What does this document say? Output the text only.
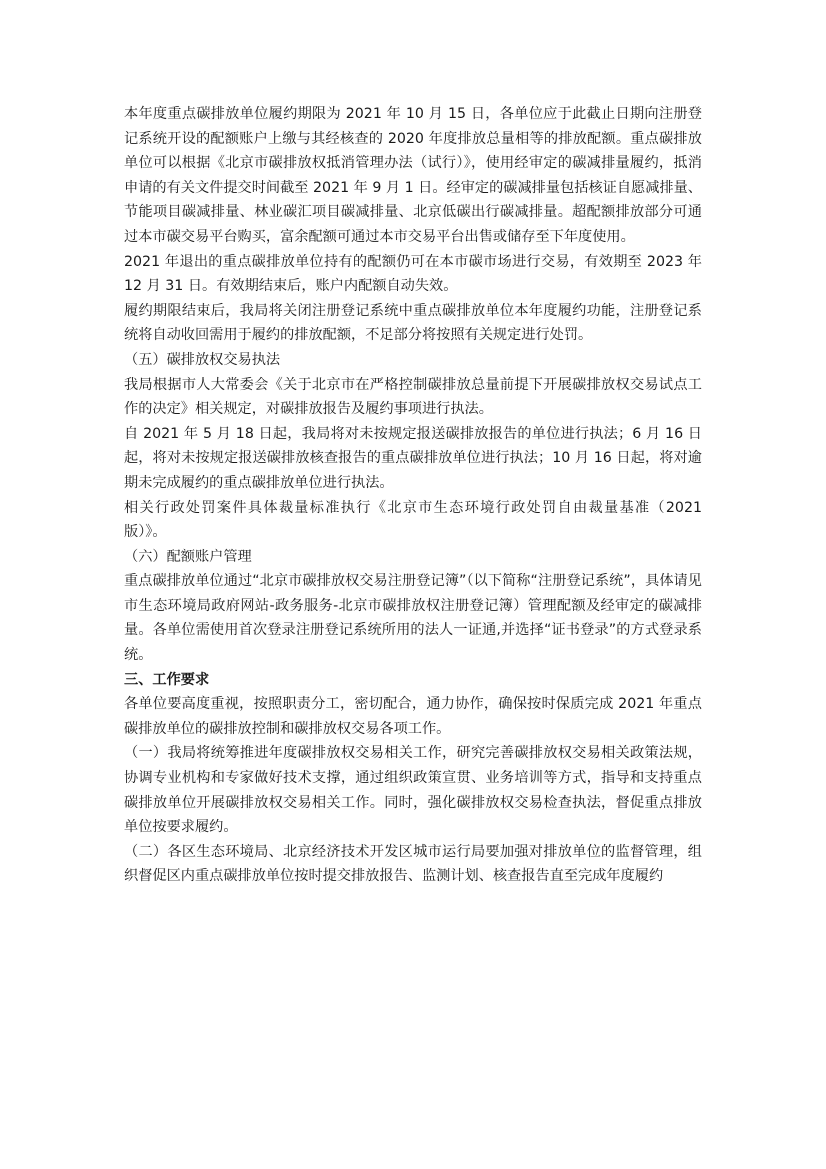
本年度重点碳排放单位履约期限为 2021 年 10 月 15 日，各单位应于此截止日期向注册登记系统开设的配额账户上缴与其经核查的 2020 年度排放总量相等的排放配额。重点碳排放单位可以根据《北京市碳排放权抵消管理办法（试行）》，使用经审定的碳减排量履约，抵消申请的有关文件提交时间截至 2021 年 9 月 1 日。经审定的碳减排量包括核证自愿减排量、节能项目碳减排量、林业碳汇项目碳减排量、北京低碳出行碳减排量。超配额排放部分可通过本市碳交易平台购买，富余配额可通过本市交易平台出售或储存至下年度使用。

2021 年退出的重点碳排放单位持有的配额仍可在本市碳市场进行交易，有效期至 2023 年 12 月 31 日。有效期结束后，账户内配额自动失效。

履约期限结束后，我局将关闭注册登记系统中重点碳排放单位本年度履约功能，注册登记系统将自动收回需用于履约的排放配额，不足部分将按照有关规定进行处罚。

（五）碳排放权交易执法

我局根据市人大常委会《关于北京市在严格控制碳排放总量前提下开展碳排放权交易试点工作的决定》相关规定，对碳排放报告及履约事项进行执法。

自 2021 年 5 月 18 日起，我局将对未按规定报送碳排放报告的单位进行执法；6 月 16 日起，将对未按规定报送碳排放核查报告的重点碳排放单位进行执法；10 月 16 日起，将对逾期未完成履约的重点碳排放单位进行执法。

相关行政处罚案件具体裁量标准执行《北京市生态环境行政处罚自由裁量基准（2021 版）》。

（六）配额账户管理

重点碳排放单位通过“北京市碳排放权交易注册登记簿”（以下简称“注册登记系统”，具体请见市生态环境局政府网站-政务服务-北京市碳排放权注册登记簿）管理配额及经审定的碳减排量。各单位需使用首次登录注册登记系统所用的法人一证通,并选择“证书登录”的方式登录系统。

三、工作要求

各单位要高度重视，按照职责分工，密切配合，通力协作，确保按时保质完成 2021 年重点碳排放单位的碳排放控制和碳排放权交易各项工作。

（一）我局将统筹推进年度碳排放权交易相关工作，研究完善碳排放权交易相关政策法规，协调专业机构和专家做好技术支撑，通过组织政策宣贯、业务培训等方式，指导和支持重点碳排放单位开展碳排放权交易相关工作。同时，强化碳排放权交易检查执法，督促重点排放单位按要求履约。

（二）各区生态环境局、北京经济技术开发区城市运行局要加强对排放单位的监督管理，组织督促区内重点碳排放单位按时提交排放报告、监测计划、核查报告直至完成年度履约
